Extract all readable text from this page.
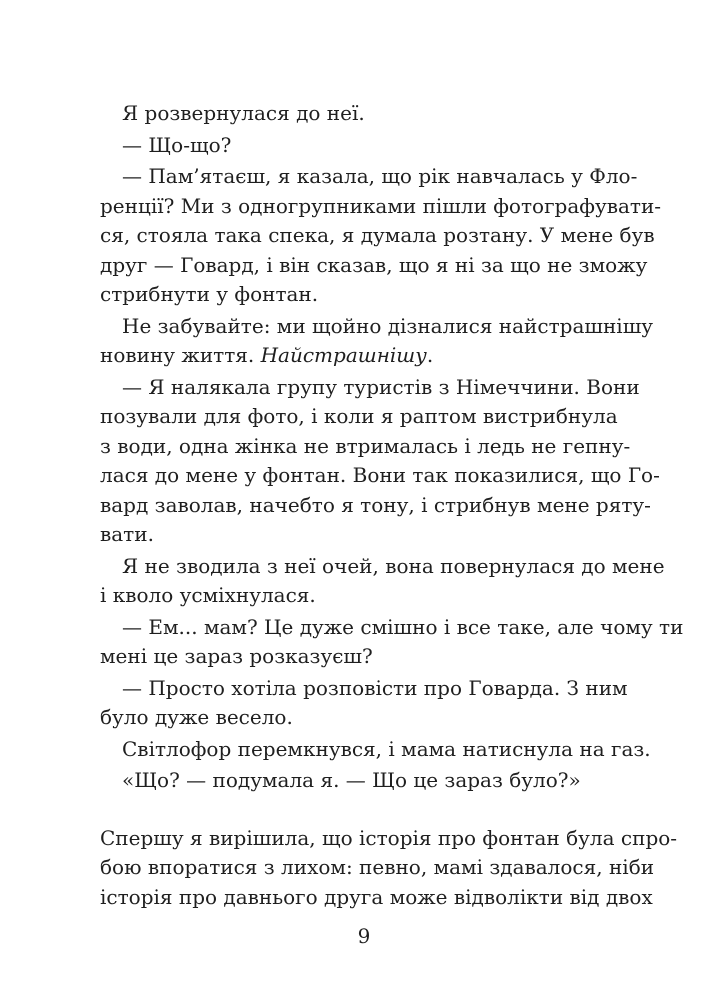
Я розвернулася до неї.
— Що-що?
— Пам’ятаєш, я казала, що рік навчалась у Фло-
ренції? Ми з одногрупниками пішли фотографувати-
ся, стояла така спека, я думала розтану. У мене був
друг — Говард, і він сказав, що я ні за що не зможу
стрибнути у фонтан.
Не забувайте: ми щойно дізналися найстрашнішу
новину життя. Найстрашнішу.
— Я налякала групу туристів з Німеччини. Вони
позували для фото, і коли я раптом вистрибнула
з води, одна жінка не втрималась і ледь не гепну-
лася до мене у фонтан. Вони так показилися, що Го-
вард заволав, начебто я тону, і стрибнув мене ряту-
вати.
Я не зводила з неї очей, вона повернулася до мене
і кволо усміхнулася.
— Ем... мам? Це дуже смішно і все таке, але чому ти
мені це зараз розказуєш?
— Просто хотіла розповісти про Говарда. З ним
було дуже весело.
Світлофор перемкнувся, і мама натиснула на газ.
«Що? — подумала я. — Що це зараз було?»
Спершу я вирішила, що історія про фонтан була спро-
бою впоратися з лихом: певно, мамі здавалося, ніби
історія про давнього друга може відволікти від двох
9
